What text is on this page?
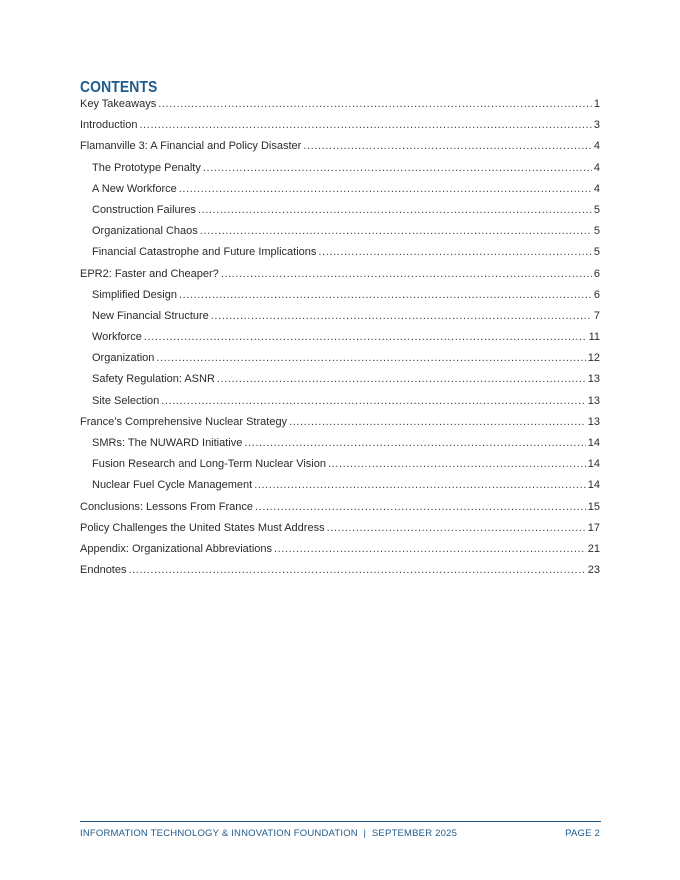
CONTENTS
Key Takeaways .....	1
Introduction .....	3
Flamanville 3: A Financial and Policy Disaster .....	4
The Prototype Penalty .....	4
A New Workforce .....	4
Construction Failures .....	5
Organizational Chaos .....	5
Financial Catastrophe and Future Implications .....	5
EPR2: Faster and Cheaper? .....	6
Simplified Design .....	6
New Financial Structure .....	7
Workforce .....	11
Organization .....	12
Safety Regulation: ASNR .....	13
Site Selection .....	13
France’s Comprehensive Nuclear Strategy .....	13
SMRs: The NUWARD Initiative .....	14
Fusion Research and Long-Term Nuclear Vision .....	14
Nuclear Fuel Cycle Management .....	14
Conclusions: Lessons From France .....	15
Policy Challenges the United States Must Address .....	17
Appendix: Organizational Abbreviations .....	21
Endnotes .....	23
INFORMATION TECHNOLOGY & INNOVATION FOUNDATION  |  SEPTEMBER 2025	PAGE 2
